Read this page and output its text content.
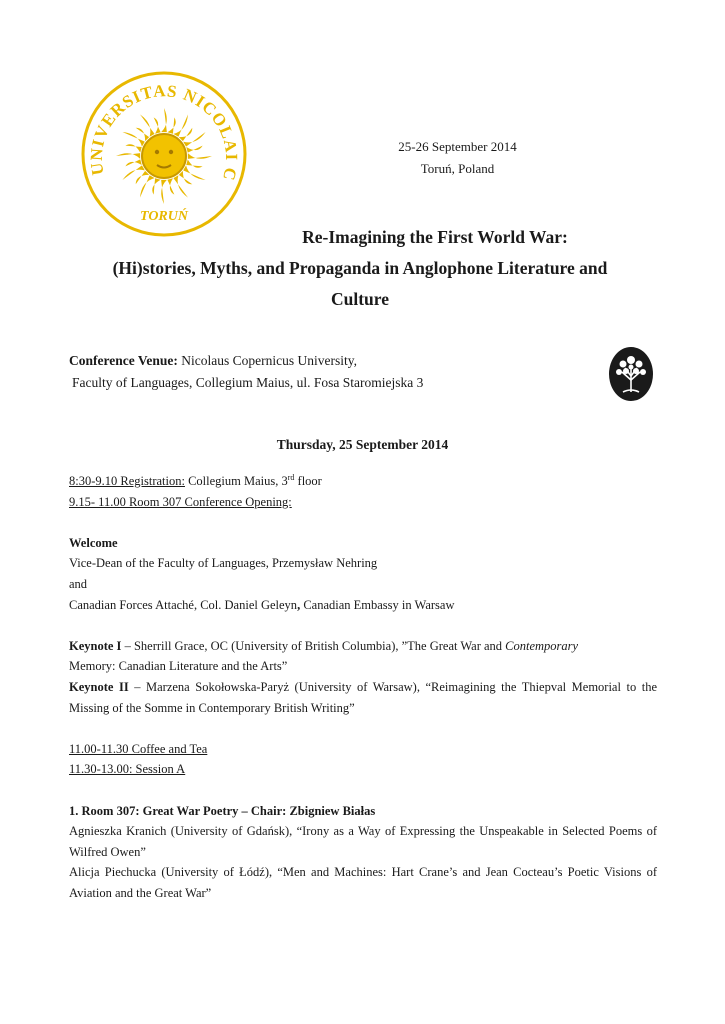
UNIVERSITAS NICOLAI C
TORUŃ
25-26 September 2014
Toruń, Poland
Re-Imagining the First World War:
(Hi)stories, Myths, and Propaganda in Anglophone Literature and
Culture
Conference Venue: Nicolaus Copernicus University,
Faculty of Languages, Collegium Maius, ul. Fosa Staromiejska 3
Thursday, 25 September 2014

8:30-9.10 Registration: Collegium Maius, 3rd floor

9.15- 11.00 Room 307 Conference Opening:

Welcome

Vice-Dean of the Faculty of Languages, Przemysław Nehring

and

Canadian Forces Attaché, Col. Daniel Geleyn, Canadian Embassy in Warsaw

Keynote I – Sherrill Grace, OC (University of British Columbia), ”The Great War and Contemporary
Memory: Canadian Literature and the Arts”

Keynote II – Marzena Sokołowska-Paryż (University of Warsaw), “Reimagining the Thiepval Memorial to the Missing of the Somme in Contemporary British Writing”

11.00-11.30 Coffee and Tea

11.30-13.00: Session A

1. Room 307: Great War Poetry – Chair: Zbigniew Białas

Agnieszka Kranich (University of Gdańsk), “Irony as a Way of Expressing the Unspeakable in Selected Poems of Wilfred Owen”

Alicja Piechucka (University of Łódź), “Men and Machines: Hart Crane’s and Jean Cocteau’s Poetic Visions of Aviation and the Great War”
